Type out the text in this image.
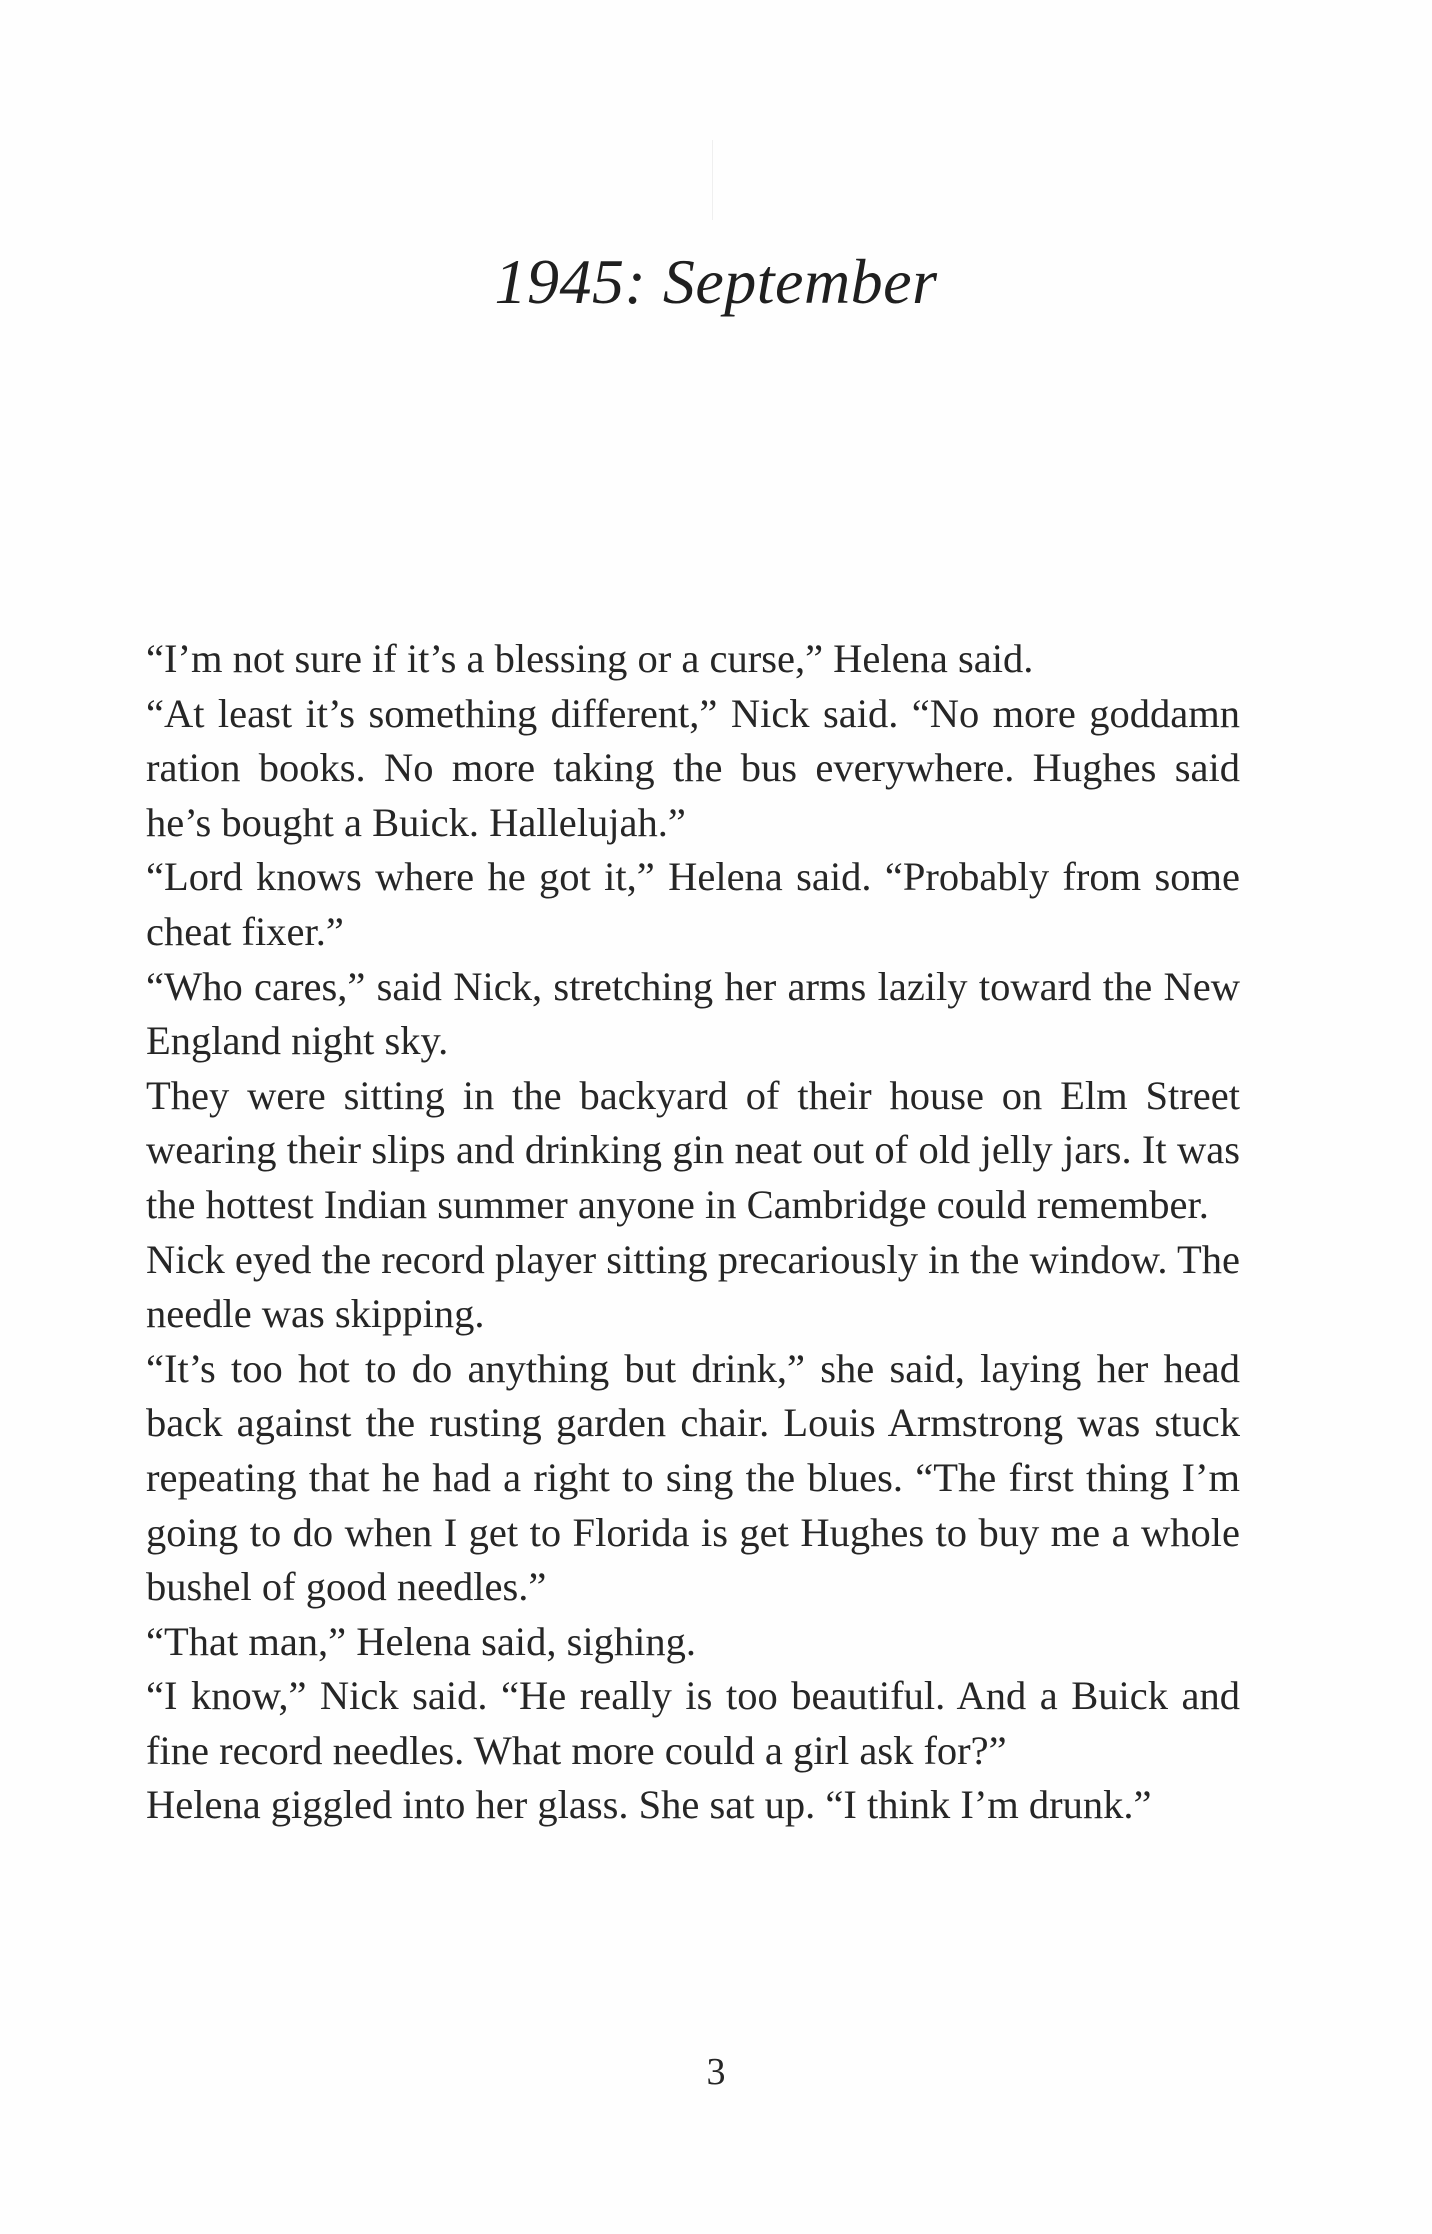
1945: September

“I’m not sure if it’s a blessing or a curse,” Helena said.

“At least it’s something different,” Nick said. “No more goddamn ration books. No more taking the bus everywhere. Hughes said he’s bought a Buick. Hallelujah.”

“Lord knows where he got it,” Helena said. “Probably from some cheat fixer.”

“Who cares,” said Nick, stretching her arms lazily toward the New England night sky.

They were sitting in the backyard of their house on Elm Street wearing their slips and drinking gin neat out of old jelly jars. It was the hottest Indian summer anyone in Cambridge could remember.

Nick eyed the record player sitting precariously in the window. The needle was skipping.

“It’s too hot to do anything but drink,” she said, laying her head back against the rusting garden chair. Louis Armstrong was stuck repeating that he had a right to sing the blues. “The first thing I’m going to do when I get to Florida is get Hughes to buy me a whole bushel of good needles.”

“That man,” Helena said, sighing.

“I know,” Nick said. “He really is too beautiful. And a Buick and fine record needles. What more could a girl ask for?”

Helena giggled into her glass. She sat up. “I think I’m drunk.”

3
